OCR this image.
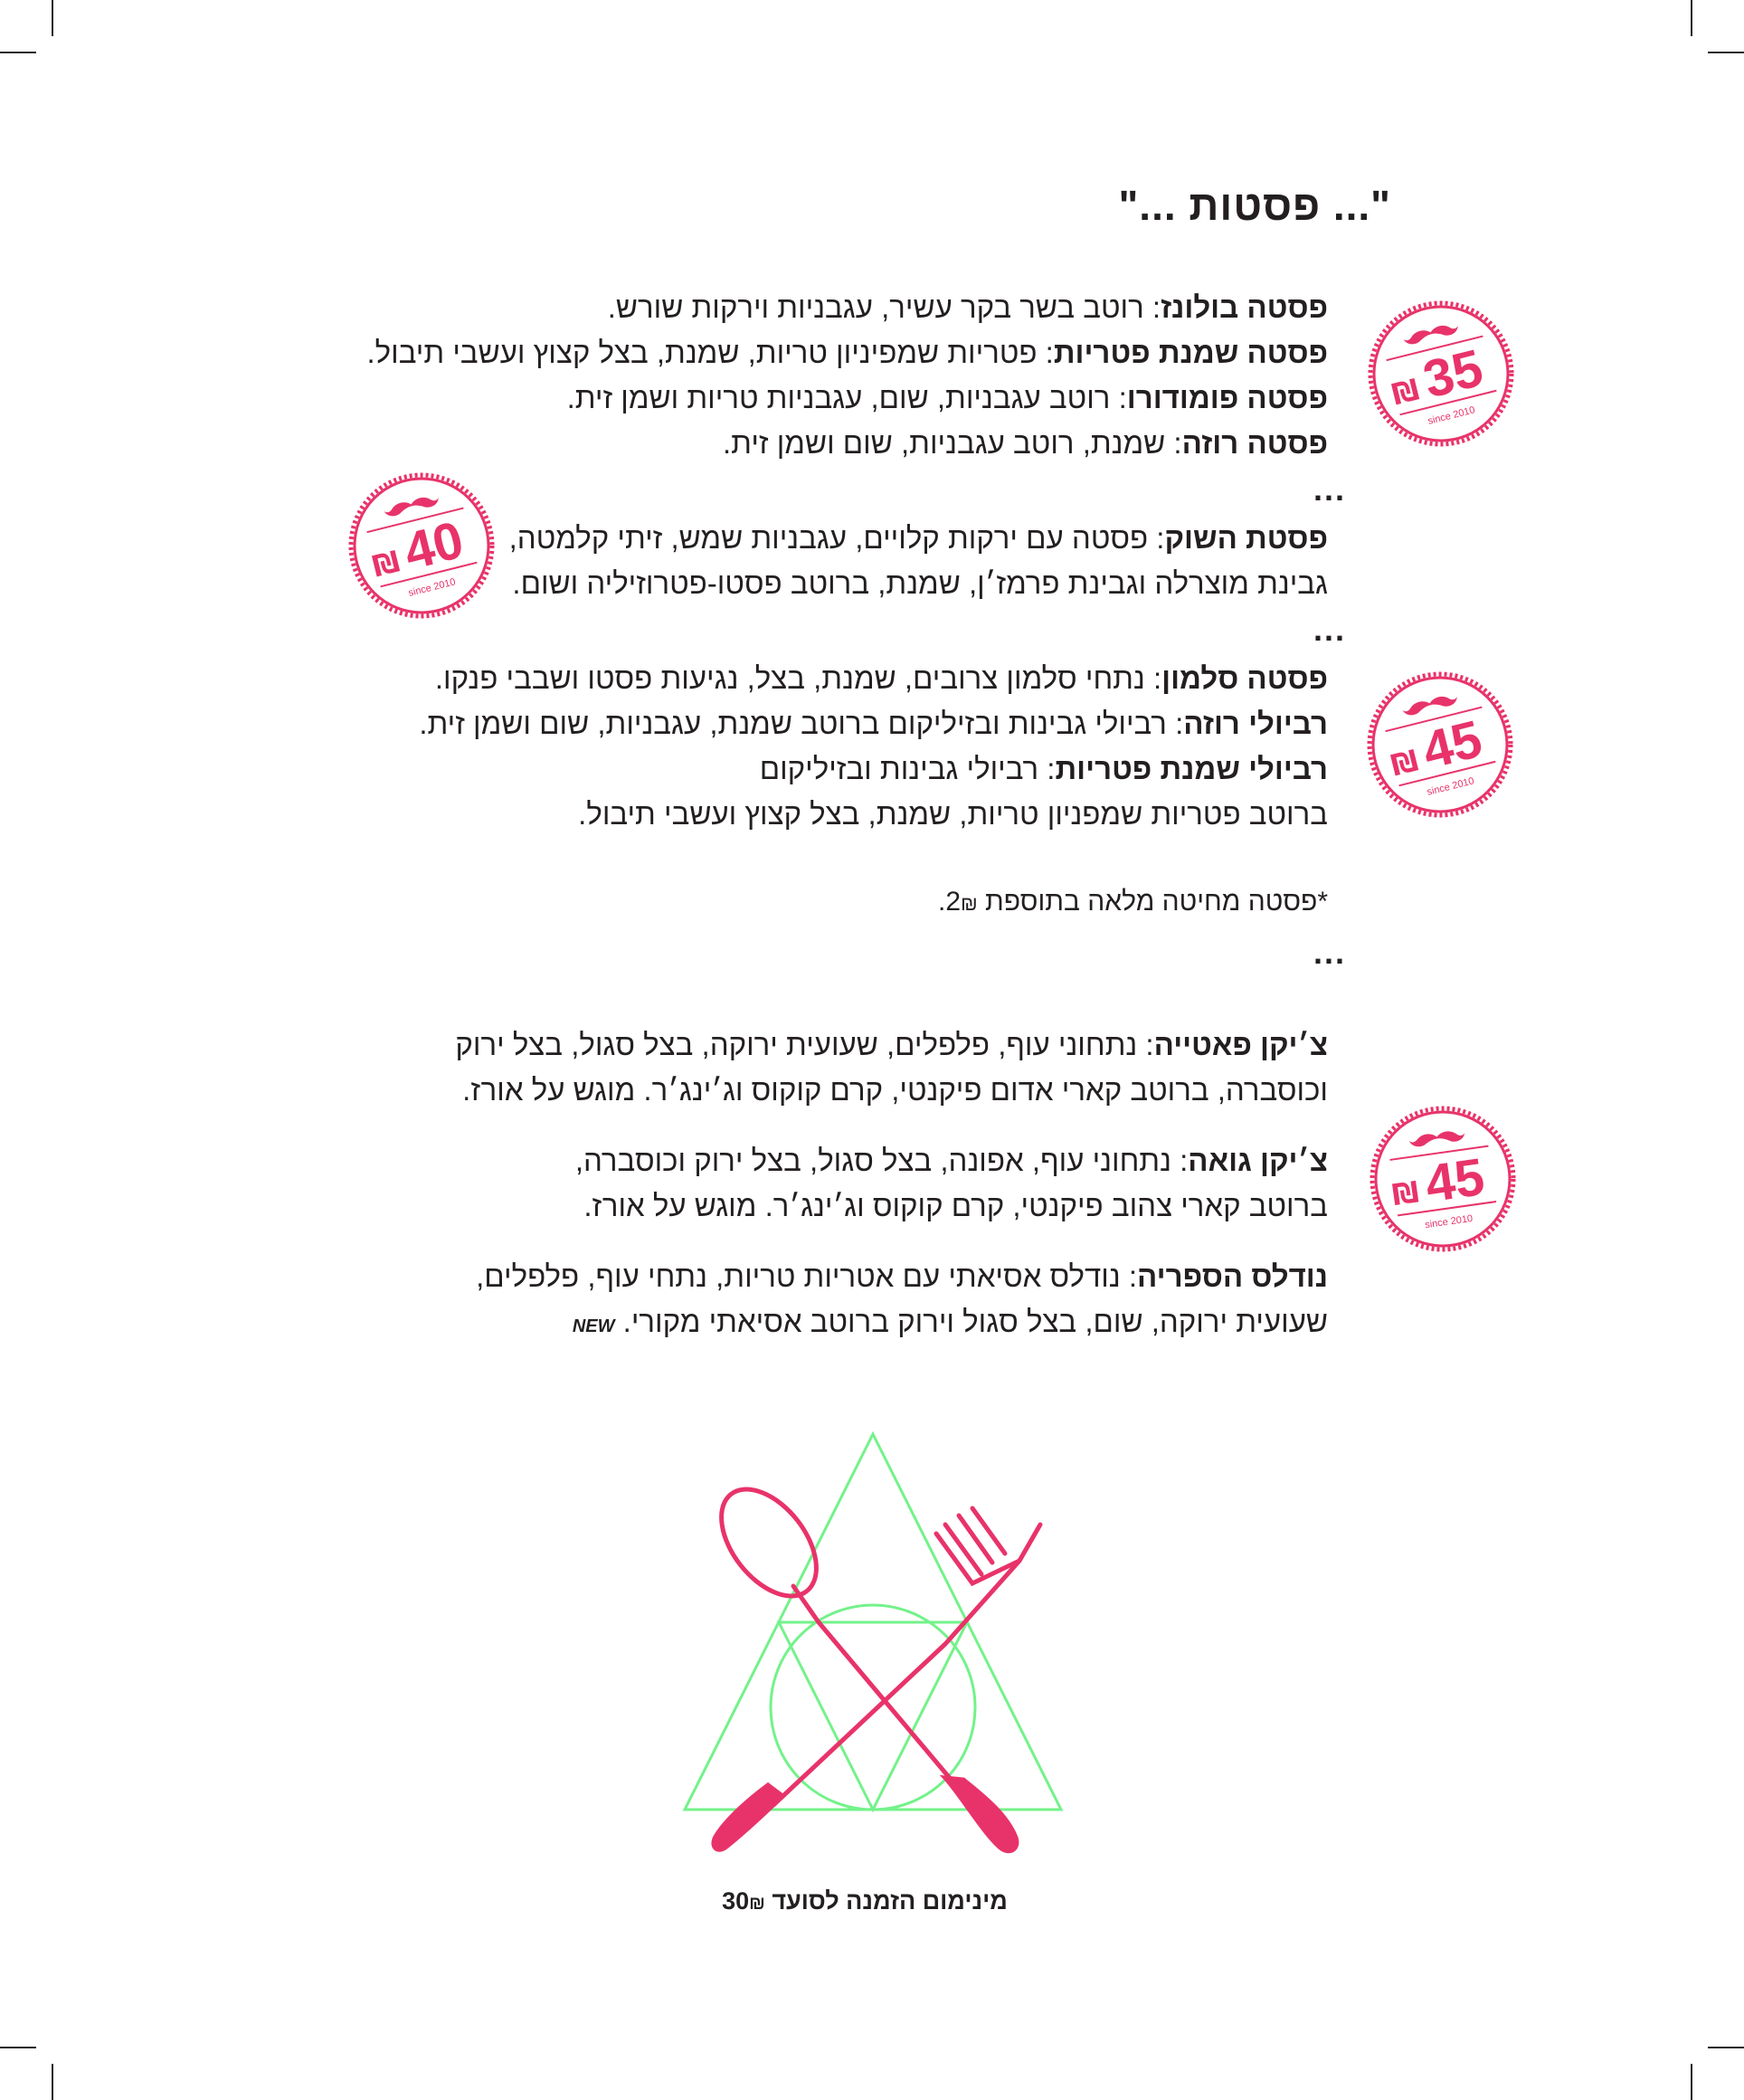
"... פסטות ..."
פסטה בולונז: רוטב בשר בקר עשיר, עגבניות וירקות שורש.
פסטה שמנת פטריות: פטריות שמפיניון טריות, שמנת, בצל קצוץ ועשבי תיבול.
פסטה פומודורו: רוטב עגבניות, שום, עגבניות טריות ושמן זית.
פסטה רוזה: שמנת, רוטב עגבניות, שום ושמן זית.
...
פסטת השוק: פסטה עם ירקות קלויים, עגבניות שמש, זיתי קלמטה,
גבינת מוצרלה וגבינת פרמז׳ן, שמנת, ברוטב פסטו-פטרוזיליה ושום.
...
פסטה סלמון: נתחי סלמון צרובים, שמנת, בצל, נגיעות פסטו ושבבי פנקו.
רביולי רוזה: רביולי גבינות ובזיליקום ברוטב שמנת, עגבניות, שום ושמן זית.
רביולי שמנת פטריות: רביולי גבינות ובזיליקום
ברוטב פטריות שמפניון טריות, שמנת, בצל קצוץ ועשבי תיבול.
*פסטה מחיטה מלאה בתוספת 2₪.
...
צ׳יקן פאטייה: נתחוני עוף, פלפלים, שעועית ירוקה, בצל סגול, בצל ירוק
וכוסברה, ברוטב קארי אדום פיקנטי, קרם קוקוס וג׳ינג׳ר. מוגש על אורז.
צ׳יקן גואה: נתחוני עוף, אפונה, בצל סגול, בצל ירוק וכוסברה,
ברוטב קארי צהוב פיקנטי, קרם קוקוס וג׳ינג׳ר. מוגש על אורז.
נודלס הספריה: נודלס אסיאתי עם אטריות טריות, נתחי עוף, פלפלים,
שעועית ירוקה, שום, בצל סגול וירוק ברוטב אסיאתי מקורי. NEW
35
₪
since 2010
40
₪
since 2010
45
₪
since 2010
45
₪
since 2010
מינימום הזמנה לסועד 30₪
